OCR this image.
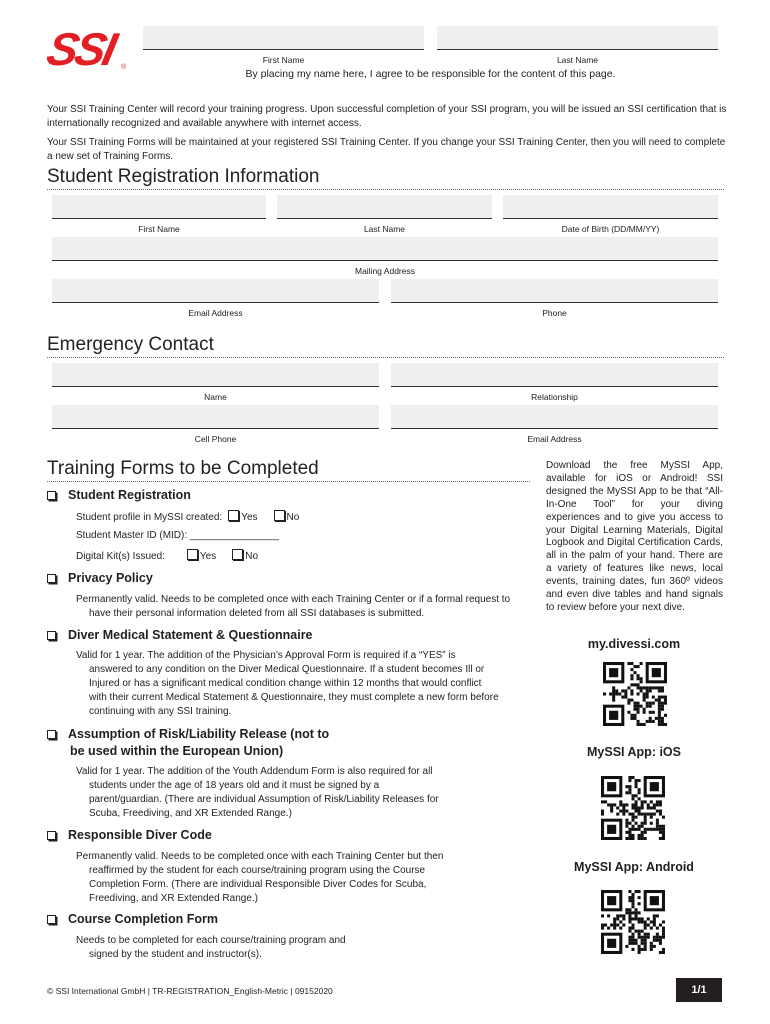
SSI ®
First Name	Last Name
By placing my name here, I agree to be responsible for the content of this page.
Your SSI Training Center will record your training progress. Upon successful completion of your SSI program, you will be issued an SSI certification that is internationally recognized and available anywhere with internet access.
Your SSI Training Forms will be maintained at your registered SSI Training Center. If you change your SSI Training Center, then you will need to complete a new set of Training Forms.
Student Registration Information
First Name	Last Name	Date of Birth (DD/MM/YY)
Mailing Address
Email Address	Phone
Emergency Contact
Name	Relationship
Cell Phone	Email Address
Training Forms to be Completed
Student Registration
Student profile in MySSI created: Yes	No
Student Master ID (MID): ________________
Digital Kit(s) Issued:	Yes	No
Privacy Policy
Permanently valid. Needs to be completed once with each Training Center or if a formal request to have their personal information deleted from all SSI databases is submitted.
Diver Medical Statement & Questionnaire
Valid for 1 year. The addition of the Physician’s Approval Form is required if a “YES” is answered to any condition on the Diver Medical Questionnaire. If a student becomes Ill or Injured or has a significant medical condition change within 12 months that would conflict with their current Medical Statement & Questionnaire, they must complete a new form before continuing with any SSI training.
Assumption of Risk/Liability Release (not to
be used within the European Union)
Valid for 1 year. The addition of the Youth Addendum Form is also required for all students under the age of 18 years old and it must be signed by a parent/guardian. (There are individual Assumption of Risk/Liability Releases for Scuba, Freediving, and XR Extended Range.)
Responsible Diver Code
Permanently valid. Needs to be completed once with each Training Center but then reaffirmed by the student for each course/training program using the Course Completion Form. (There are individual Responsible Diver Codes for Scuba, Freediving, and XR Extended Range.)
Course Completion Form
Needs to be completed for each course/training program and signed by the student and instructor(s).
Download the free MySSI App, available for iOS or Android! SSI designed the MySSI App to be that “All-In-One Tool” for your diving experiences and to give you access to your Digital Learning Materials, Digital Logbook and Digital Certification Cards, all in the palm of your hand. There are a variety of features like news, local events, training dates, fun 360º videos and even dive tables and hand signals to review before your next dive.
my.divessi.com
MySSI App: iOS
MySSI App: Android
© SSI International GmbH | TR-REGISTRATION_English-Metric | 09152020	1/1
